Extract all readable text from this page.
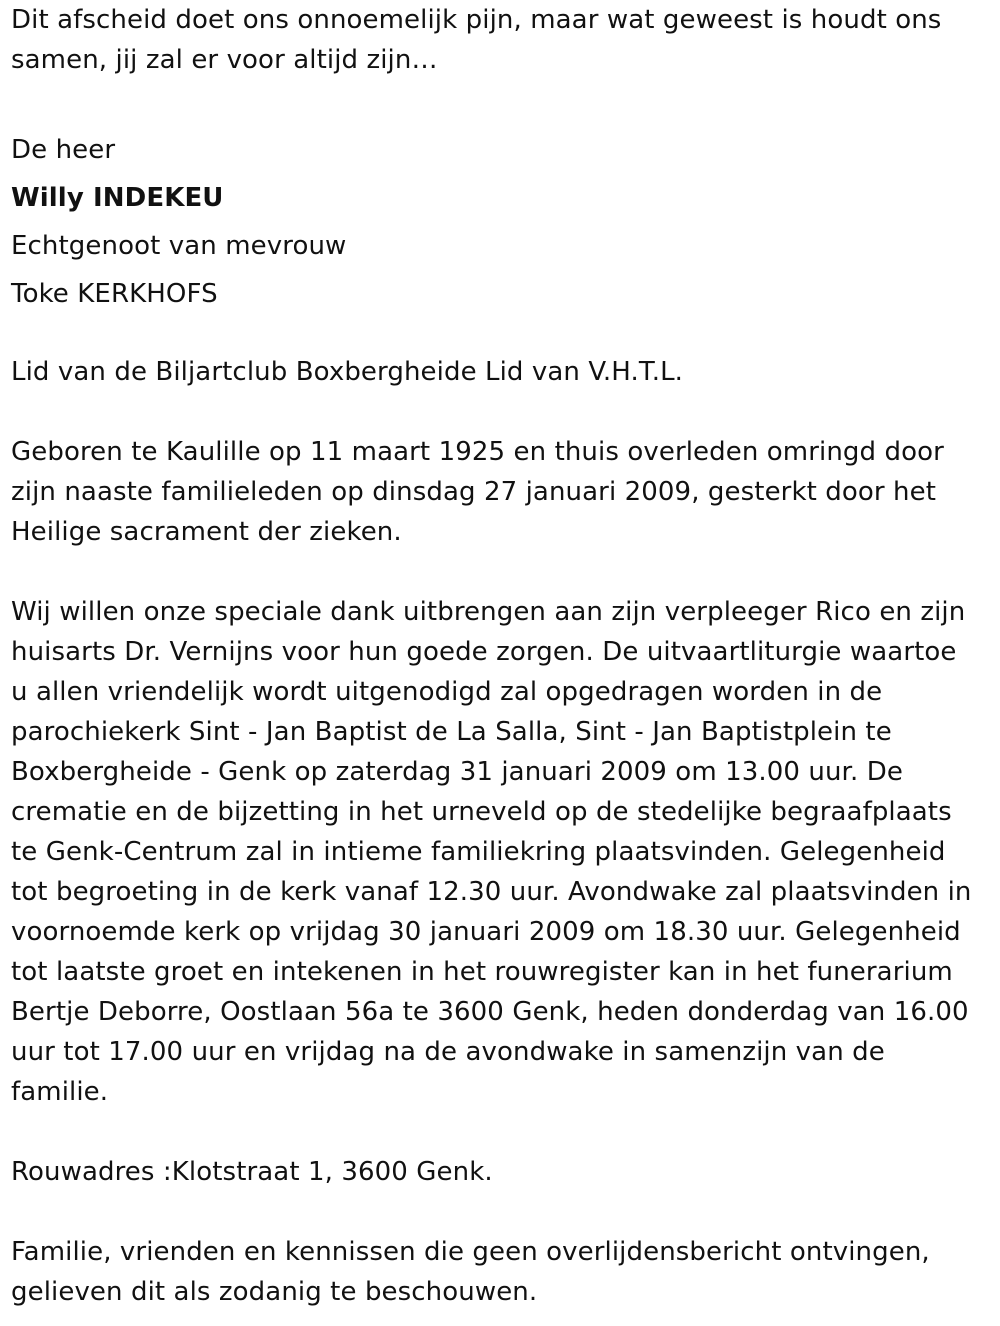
Dit afscheid doet ons onnoemelijk pijn, maar wat geweest is houdt ons
samen, jij zal er voor altijd zijn…
De heer
Willy INDEKEU
Echtgenoot van mevrouw
Toke KERKHOFS
Lid van de Biljartclub Boxbergheide Lid van V.H.T.L.
Geboren te Kaulille op 11 maart 1925 en thuis overleden omringd door
zijn naaste familieleden op dinsdag 27 januari 2009, gesterkt door het
Heilige sacrament der zieken.
Wij willen onze speciale dank uitbrengen aan zijn verpleeger Rico en zijn
huisarts Dr. Vernijns voor hun goede zorgen. De uitvaartliturgie waartoe
u allen vriendelijk wordt uitgenodigd zal opgedragen worden in de
parochiekerk Sint - Jan Baptist de La Salla, Sint - Jan Baptistplein te
Boxbergheide - Genk op zaterdag 31 januari 2009 om 13.00 uur. De
crematie en de bijzetting in het urneveld op de stedelijke begraafplaats
te Genk-Centrum zal in intieme familiekring plaatsvinden. Gelegenheid
tot begroeting in de kerk vanaf 12.30 uur. Avondwake zal plaatsvinden in
voornoemde kerk op vrijdag 30 januari 2009 om 18.30 uur. Gelegenheid
tot laatste groet en intekenen in het rouwregister kan in het funerarium
Bertje Deborre, Oostlaan 56a te 3600 Genk, heden donderdag van 16.00
uur tot 17.00 uur en vrijdag na de avondwake in samenzijn van de
familie.
Rouwadres :Klotstraat 1, 3600 Genk.
Familie, vrienden en kennissen die geen overlijdensbericht ontvingen,
gelieven dit als zodanig te beschouwen.
